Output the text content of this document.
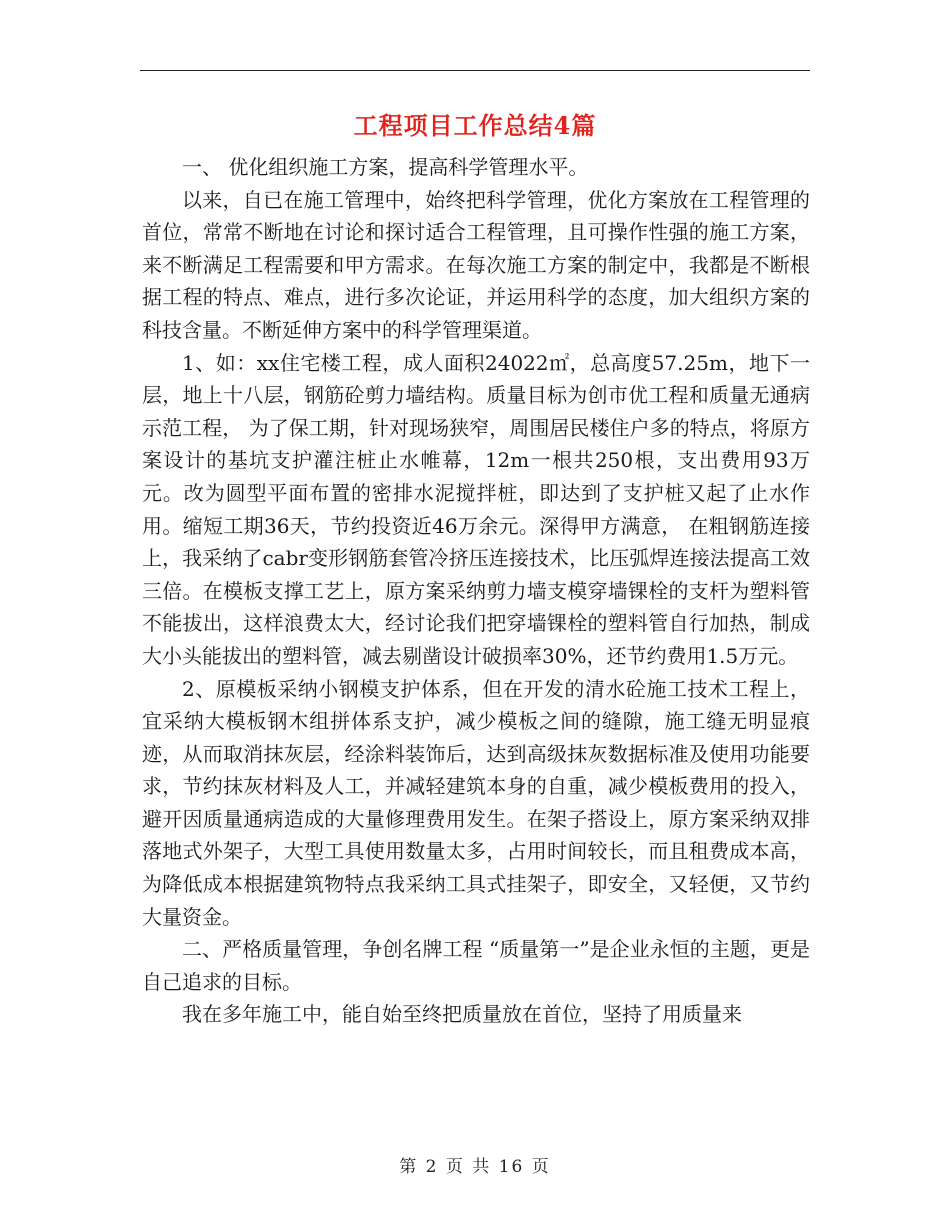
工程项目工作总结4篇

一、 优化组织施工方案，提高科学管理水平。

以来，自已在施工管理中，始终把科学管理，优化方案放在工程管理的首位，常常不断地在讨论和探讨适合工程管理，且可操作性强的施工方案，来不断满足工程需要和甲方需求。在每次施工方案的制定中，我都是不断根据工程的特点、难点，进行多次论证，并运用科学的态度，加大组织方案的科技含量。不断延伸方案中的科学管理渠道。

1、如：xx住宅楼工程，成人面积24022㎡，总高度57.25m，地下一层，地上十八层，钢筋砼剪力墙结构。质量目标为创市优工程和质量无通病示范工程， 为了保工期，针对现场狭窄，周围居民楼住户多的特点，将原方案设计的基坑支护灌注桩止水帷幕，12m一根共250根，支出费用93万元。改为圆型平面布置的密排水泥搅拌桩，即达到了支护桩又起了止水作用。缩短工期36天，节约投资近46万余元。深得甲方满意， 在粗钢筋连接上，我采纳了cabr变形钢筋套管冷挤压连接技术，比压弧焊连接法提高工效三倍。在模板支撑工艺上，原方案采纳剪力墙支模穿墙锞栓的支杆为塑料管不能拔出，这样浪费太大，经讨论我们把穿墙锞栓的塑料管自行加热，制成大小头能拔出的塑料管，减去剔凿设计破损率30%，还节约费用1.5万元。

2、原模板采纳小钢模支护体系，但在开发的清水砼施工技术工程上，宜采纳大模板钢木组拼体系支护，减少模板之间的缝隙，施工缝无明显痕迹，从而取消抹灰层，经涂料装饰后，达到高级抹灰数据标准及使用功能要求，节约抹灰材料及人工，并减轻建筑本身的自重，减少模板费用的投入，避开因质量通病造成的大量修理费用发生。在架子搭设上，原方案采纳双排落地式外架子，大型工具使用数量太多，占用时间较长，而且租费成本高，为降低成本根据建筑物特点我采纳工具式挂架子，即安全，又轻便，又节约大量资金。

二、严格质量管理，争创名牌工程 “质量第一”是企业永恒的主题，更是自己追求的目标。

我在多年施工中，能自始至终把质量放在首位，坚持了用质量来

第 2 页 共 16 页
